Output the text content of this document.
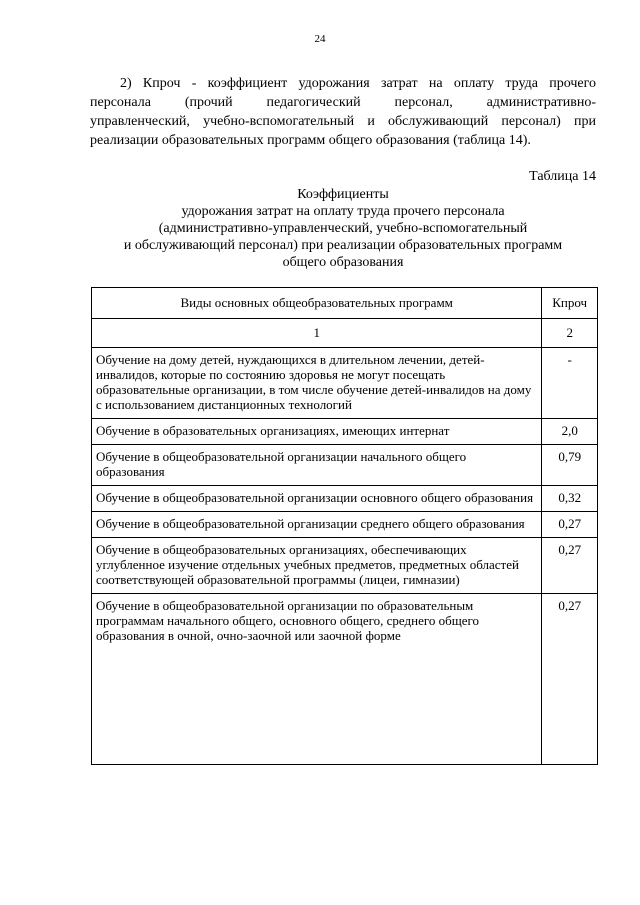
24

2) Кпроч - коэффициент удорожания затрат на оплату труда прочего
персонала (прочий педагогический персонал, административно-
управленческий, учебно-вспомогательный и обслуживающий персонал) при
реализации образовательных программ общего образования (таблица 14).

Таблица 14
Коэффициенты
удорожания затрат на оплату труда прочего персонала
(административно-управленческий, учебно-вспомогательный
и обслуживающий персонал) при реализации образовательных программ
общего образования
Виды основных общеобразовательных программ	Кпроч
1	2
Обучение на дому детей, нуждающихся в длительном лечении, детей-инвалидов, которые по состоянию здоровья не могут посещать образовательные организации, в том числе обучение детей-инвалидов на дому с использованием дистанционных технологий	-
Обучение в образовательных организациях, имеющих интернат	2,0
Обучение в общеобразовательной организации начального общего образования	0,79
Обучение в общеобразовательной организации основного общего образования	0,32
Обучение в общеобразовательной организации среднего общего образования	0,27
Обучение в общеобразовательных организациях, обеспечивающих углубленное изучение отдельных учебных предметов, предметных областей соответствующей образовательной программы (лицеи, гимназии)	0,27
Обучение в общеобразовательной организации по образовательным программам начального общего, основного общего, среднего общего образования в очной, очно-заочной или заочной форме	0,27
